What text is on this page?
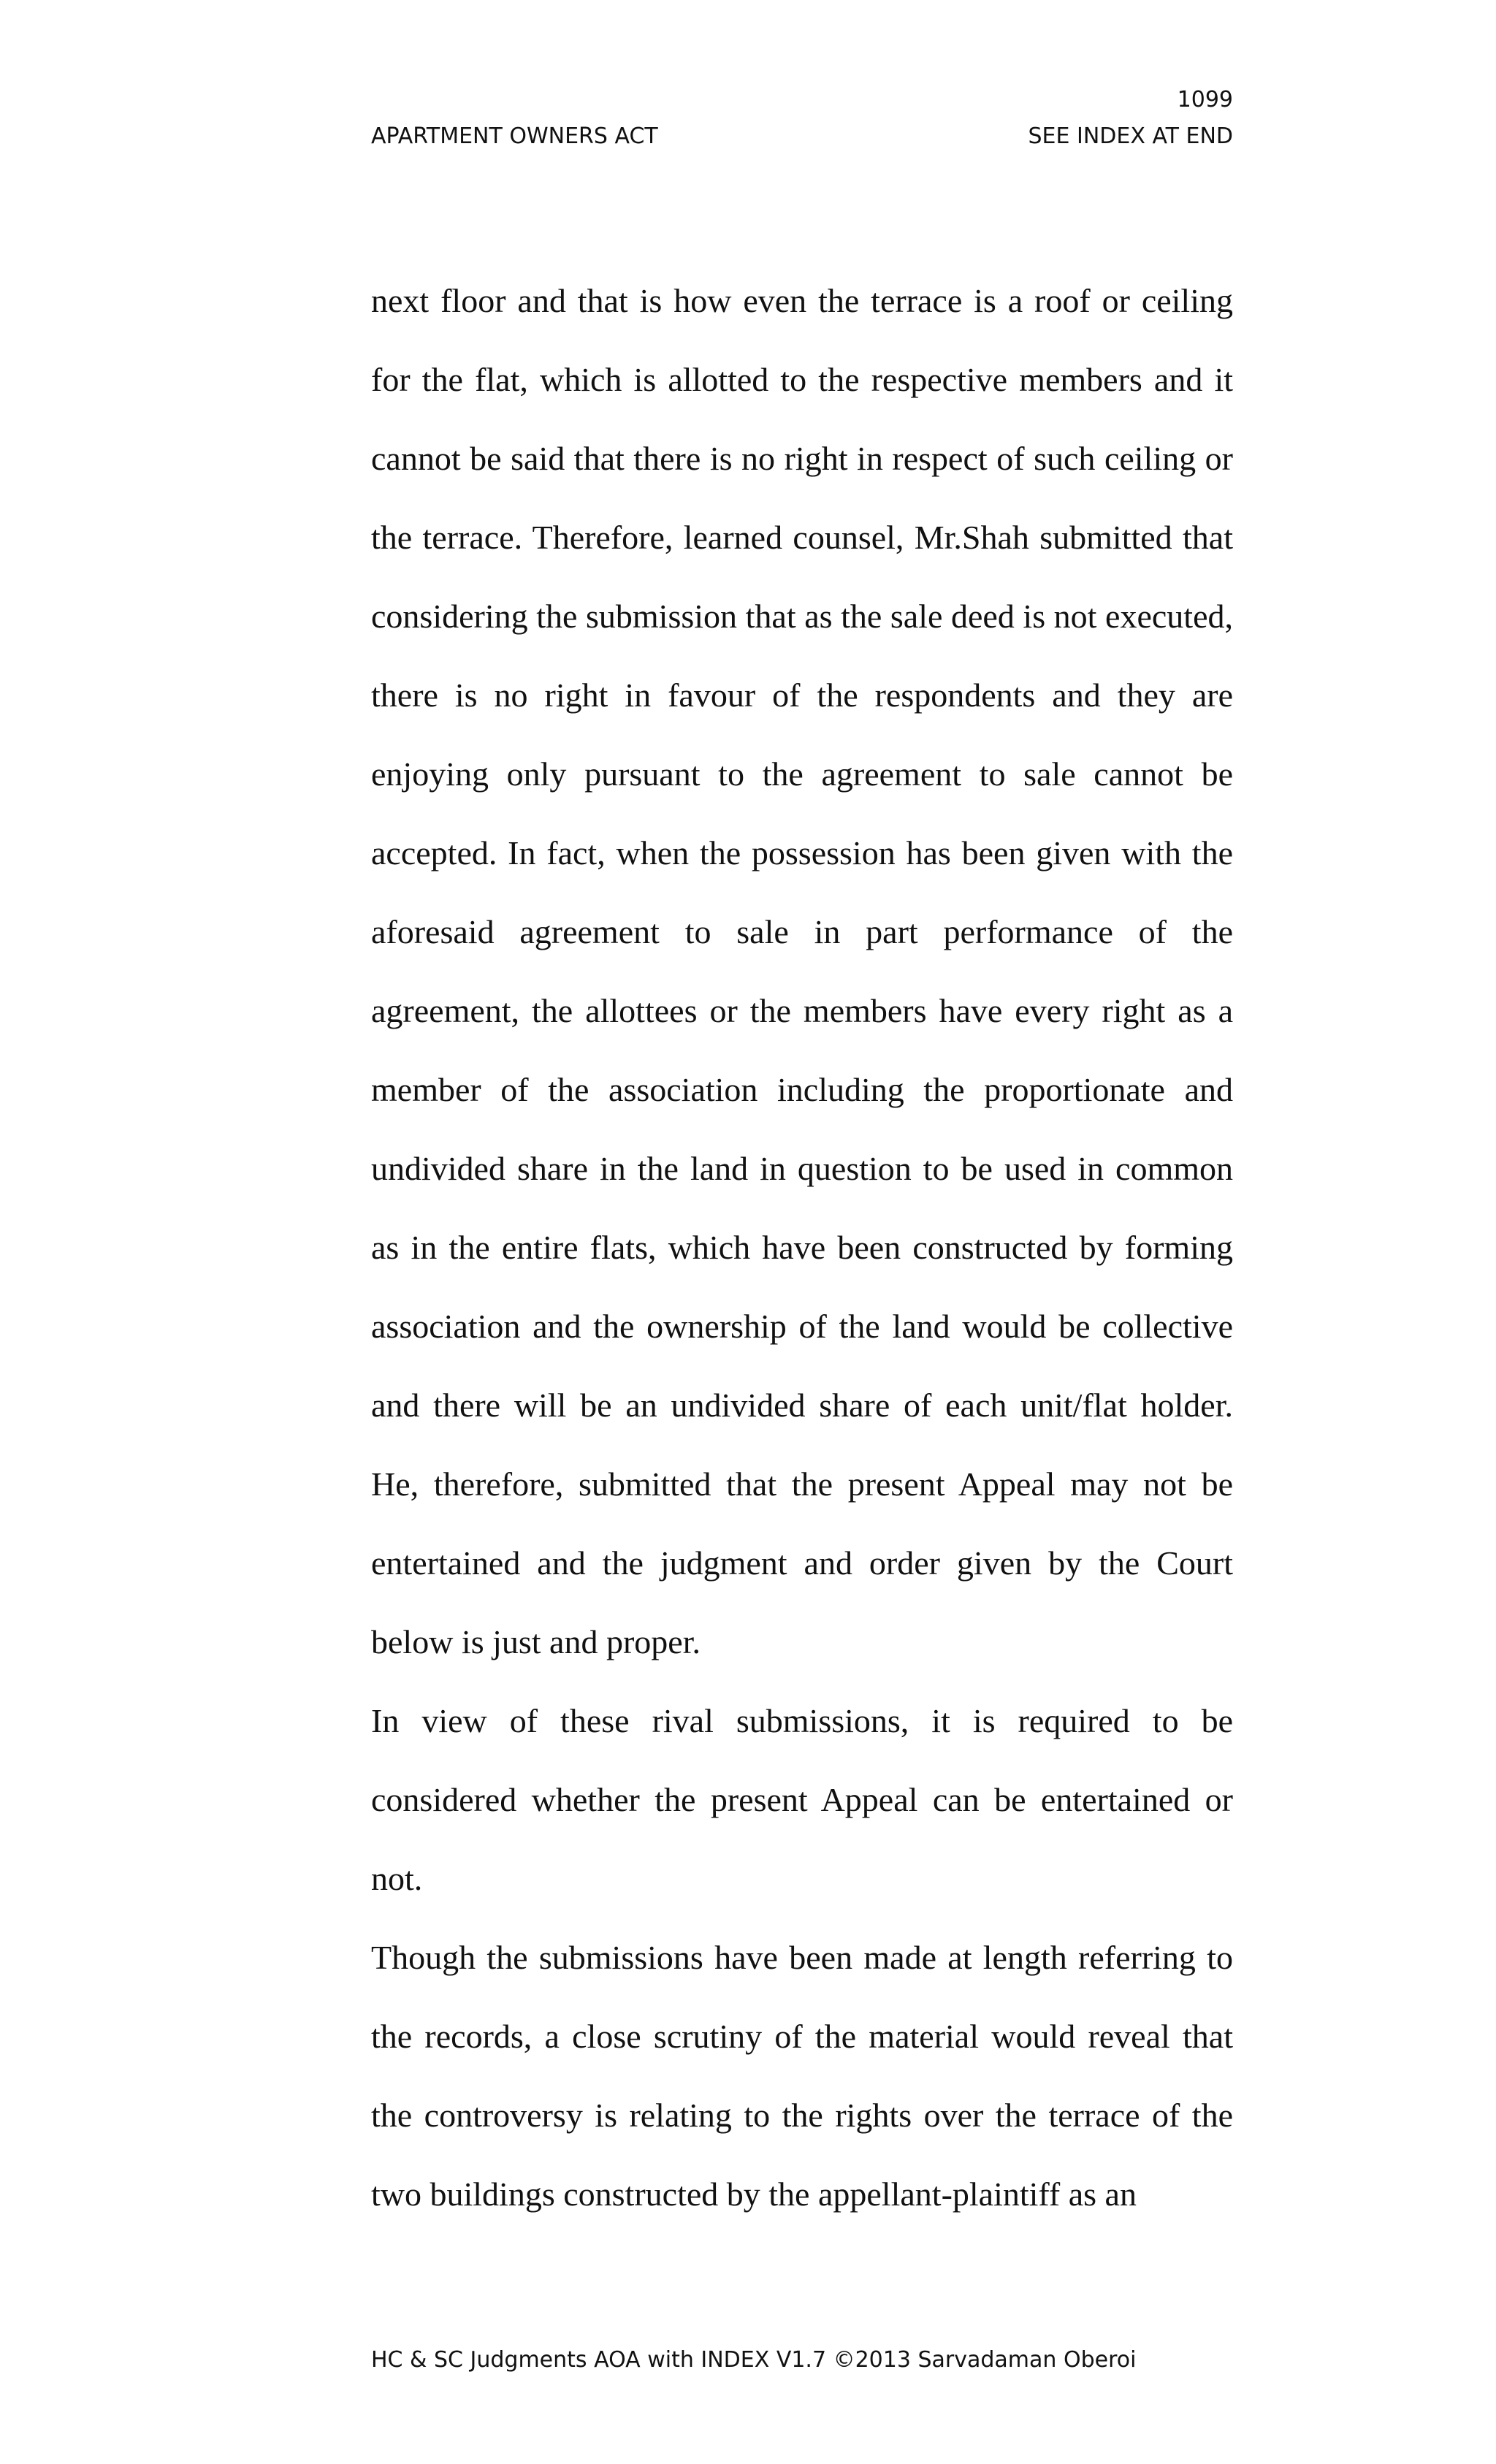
1099
APARTMENT OWNERS ACT	SEE INDEX AT END

next floor and that is how even the terrace is a roof or ceiling for the flat, which is allotted to the respective members and it cannot be said that there is no right in respect of such ceiling or the terrace. Therefore, learned counsel, Mr.Shah submitted that considering the submission that as the sale deed is not executed, there is no right in favour of the respondents and they are enjoying only pursuant to the agreement to sale cannot be accepted. In fact, when the possession has been given with the aforesaid agreement to sale in part performance of the agreement, the allottees or the members have every right as a member of the association including the proportionate and undivided share in the land in question to be used in common as in the entire flats, which have been constructed by forming association and the ownership of the land would be collective and there will be an undivided share of each unit/flat holder. He, therefore, submitted that the present Appeal may not be entertained and the judgment and order given by the Court below is just and proper.

In view of these rival submissions, it is required to be considered whether the present Appeal can be entertained or not.

Though the submissions have been made at length referring to the records, a close scrutiny of the material would reveal that the controversy is relating to the rights over the terrace of the two buildings constructed by the appellant-plaintiff as an

HC & SC Judgments AOA with INDEX V1.7 ©2013 Sarvadaman Oberoi
